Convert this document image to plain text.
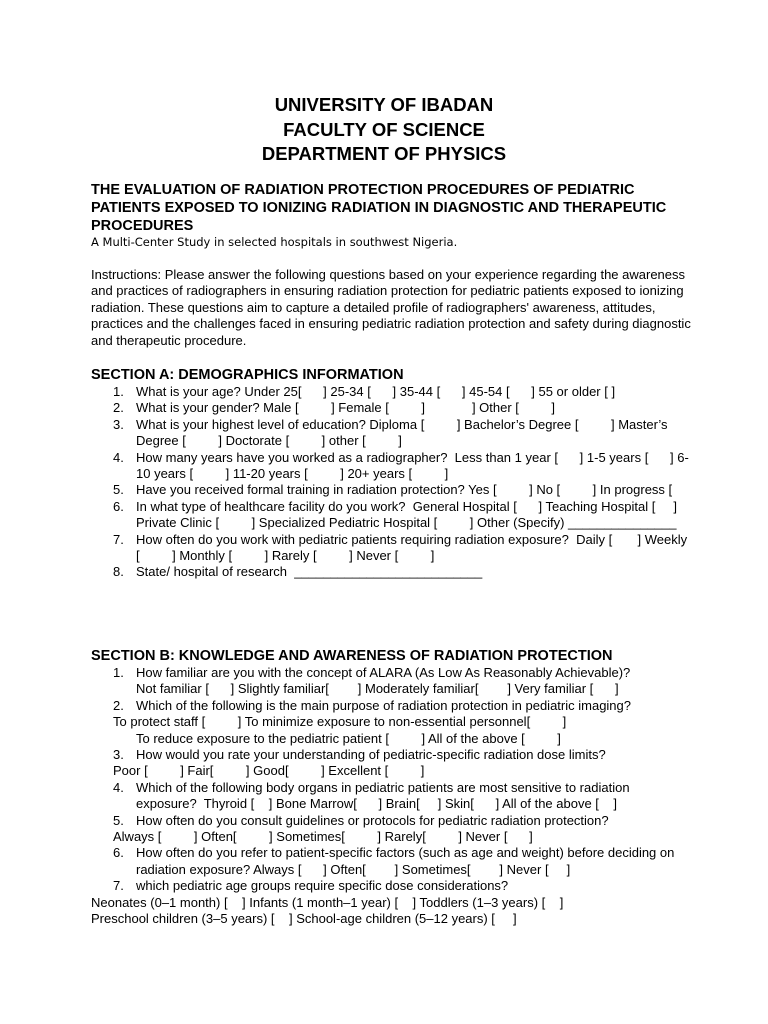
UNIVERSITY OF IBADAN
FACULTY OF SCIENCE
DEPARTMENT OF PHYSICS
THE EVALUATION OF RADIATION PROTECTION PROCEDURES OF PEDIATRIC PATIENTS EXPOSED TO IONIZING RADIATION IN DIAGNOSTIC AND THERAPEUTIC PROCEDURES
A Multi-Center Study in selected hospitals in southwest Nigeria.
Instructions: Please answer the following questions based on your experience regarding the awareness and practices of radiographers in ensuring radiation protection for pediatric patients exposed to ionizing radiation. These questions aim to capture a detailed profile of radiographers' awareness, attitudes, practices and the challenges faced in ensuring pediatric radiation protection and safety during diagnostic and therapeutic procedure.
SECTION A: DEMOGRAPHICS INFORMATION
1. What is your age? Under 25[      ] 25-34 [      ] 35-44 [      ] 45-54 [      ] 55 or older [ ]
2. What is your gender? Male [         ] Female [         ]             ] Other [         ]
3. What is your highest level of education? Diploma [         ] Bachelor’s Degree [         ] Master’s Degree [         ] Doctorate [         ] other [         ]
4. How many years have you worked as a radiographer?  Less than 1 year [      ] 1-5 years [      ] 6-10 years [         ] 11-20 years [         ] 20+ years [         ]
5. Have you received formal training in radiation protection? Yes [         ] No [         ] In progress [
6. In what type of healthcare facility do you work?  General Hospital [      ] Teaching Hospital [     ] Private Clinic [         ] Specialized Pediatric Hospital [         ] Other (Specify) _______________
7. How often do you work with pediatric patients requiring radiation exposure?  Daily [       ] Weekly [         ] Monthly [         ] Rarely [         ] Never [         ]
8. State/ hospital of research  __________________________
SECTION B: KNOWLEDGE AND AWARENESS OF RADIATION PROTECTION
1. How familiar are you with the concept of ALARA (As Low As Reasonably Achievable)?
Not familiar [      ] Slightly familiar[        ] Moderately familiar[        ] Very familiar [      ]
2. Which of the following is the main purpose of radiation protection in pediatric imaging?
To protect staff [         ] To minimize exposure to non-essential personnel[         ]
To reduce exposure to the pediatric patient [         ] All of the above [         ]
3. How would you rate your understanding of pediatric-specific radiation dose limits?
Poor [         ] Fair[         ] Good[         ] Excellent [         ]
4. Which of the following body organs in pediatric patients are most sensitive to radiation exposure?  Thyroid [    ] Bone Marrow[      ] Brain[     ] Skin[      ] All of the above [    ]
5. How often do you consult guidelines or protocols for pediatric radiation protection?
Always [         ] Often[         ] Sometimes[         ] Rarely[         ] Never [      ]
6. How often do you refer to patient-specific factors (such as age and weight) before deciding on radiation exposure? Always [      ] Often[        ] Sometimes[        ] Never [     ]
7. which pediatric age groups require specific dose considerations?
Neonates (0–1 month) [    ] Infants (1 month–1 year) [    ] Toddlers (1–3 years) [    ]
Preschool children (3–5 years) [    ] School-age children (5–12 years) [     ]
